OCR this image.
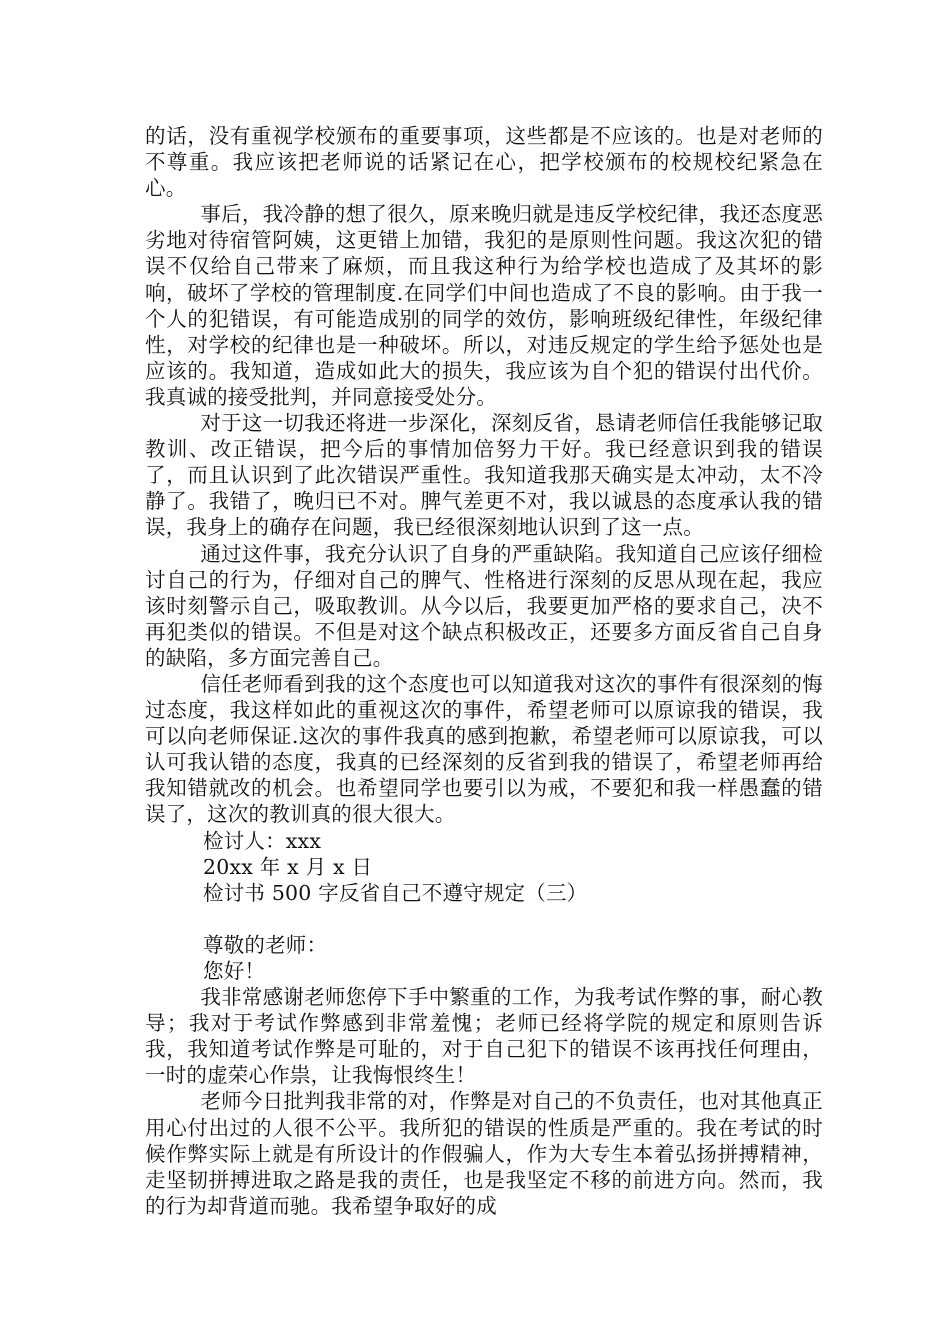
的话，没有重视学校颁布的重要事项，这些都是不应该的。也是对老师的不尊重。我应该把老师说的话紧记在心，把学校颁布的校规校纪紧急在心。

事后，我冷静的想了很久，原来晚归就是违反学校纪律，我还态度恶劣地对待宿管阿姨，这更错上加错，我犯的是原则性问题。我这次犯的错误不仅给自己带来了麻烦，而且我这种行为给学校也造成了及其坏的影响，破坏了学校的管理制度.在同学们中间也造成了不良的影响。由于我一个人的犯错误，有可能造成别的同学的效仿，影响班级纪律性，年级纪律性，对学校的纪律也是一种破坏。所以，对违反规定的学生给予惩处也是应该的。我知道，造成如此大的损失，我应该为自个犯的错误付出代价。我真诚的接受批判，并同意接受处分。

对于这一切我还将进一步深化，深刻反省，恳请老师信任我能够记取教训、改正错误，把今后的事情加倍努力干好。我已经意识到我的错误了，而且认识到了此次错误严重性。我知道我那天确实是太冲动，太不冷静了。我错了，晚归已不对。脾气差更不对，我以诚恳的态度承认我的错误，我身上的确存在问题，我已经很深刻地认识到了这一点。

通过这件事，我充分认识了自身的严重缺陷。我知道自己应该仔细检讨自己的行为，仔细对自己的脾气、性格进行深刻的反思从现在起，我应该时刻警示自己，吸取教训。从今以后，我要更加严格的要求自己，决不再犯类似的错误。不但是对这个缺点积极改正，还要多方面反省自己自身的缺陷，多方面完善自己。

信任老师看到我的这个态度也可以知道我对这次的事件有很深刻的悔过态度，我这样如此的重视这次的事件，希望老师可以原谅我的错误，我可以向老师保证.这次的事件我真的感到抱歉，希望老师可以原谅我，可以认可我认错的态度，我真的已经深刻的反省到我的错误了，希望老师再给我知错就改的机会。也希望同学也要引以为戒，不要犯和我一样愚蠢的错误了，这次的教训真的很大很大。

检讨人：xxx

20xx 年 x 月 x 日

检讨书 500 字反省自己不遵守规定（三）

尊敬的老师：

您好！

我非常感谢老师您停下手中繁重的工作，为我考试作弊的事，耐心教导；我对于考试作弊感到非常羞愧；老师已经将学院的规定和原则告诉我，我知道考试作弊是可耻的，对于自己犯下的错误不该再找任何理由，一时的虚荣心作祟，让我悔恨终生！

老师今日批判我非常的对，作弊是对自己的不负责任，也对其他真正用心付出过的人很不公平。我所犯的错误的性质是严重的。我在考试的时候作弊实际上就是有所设计的作假骗人，作为大专生本着弘扬拼搏精神，走坚韧拼搏进取之路是我的责任，也是我坚定不移的前进方向。然而，我的行为却背道而驰。我希望争取好的成
